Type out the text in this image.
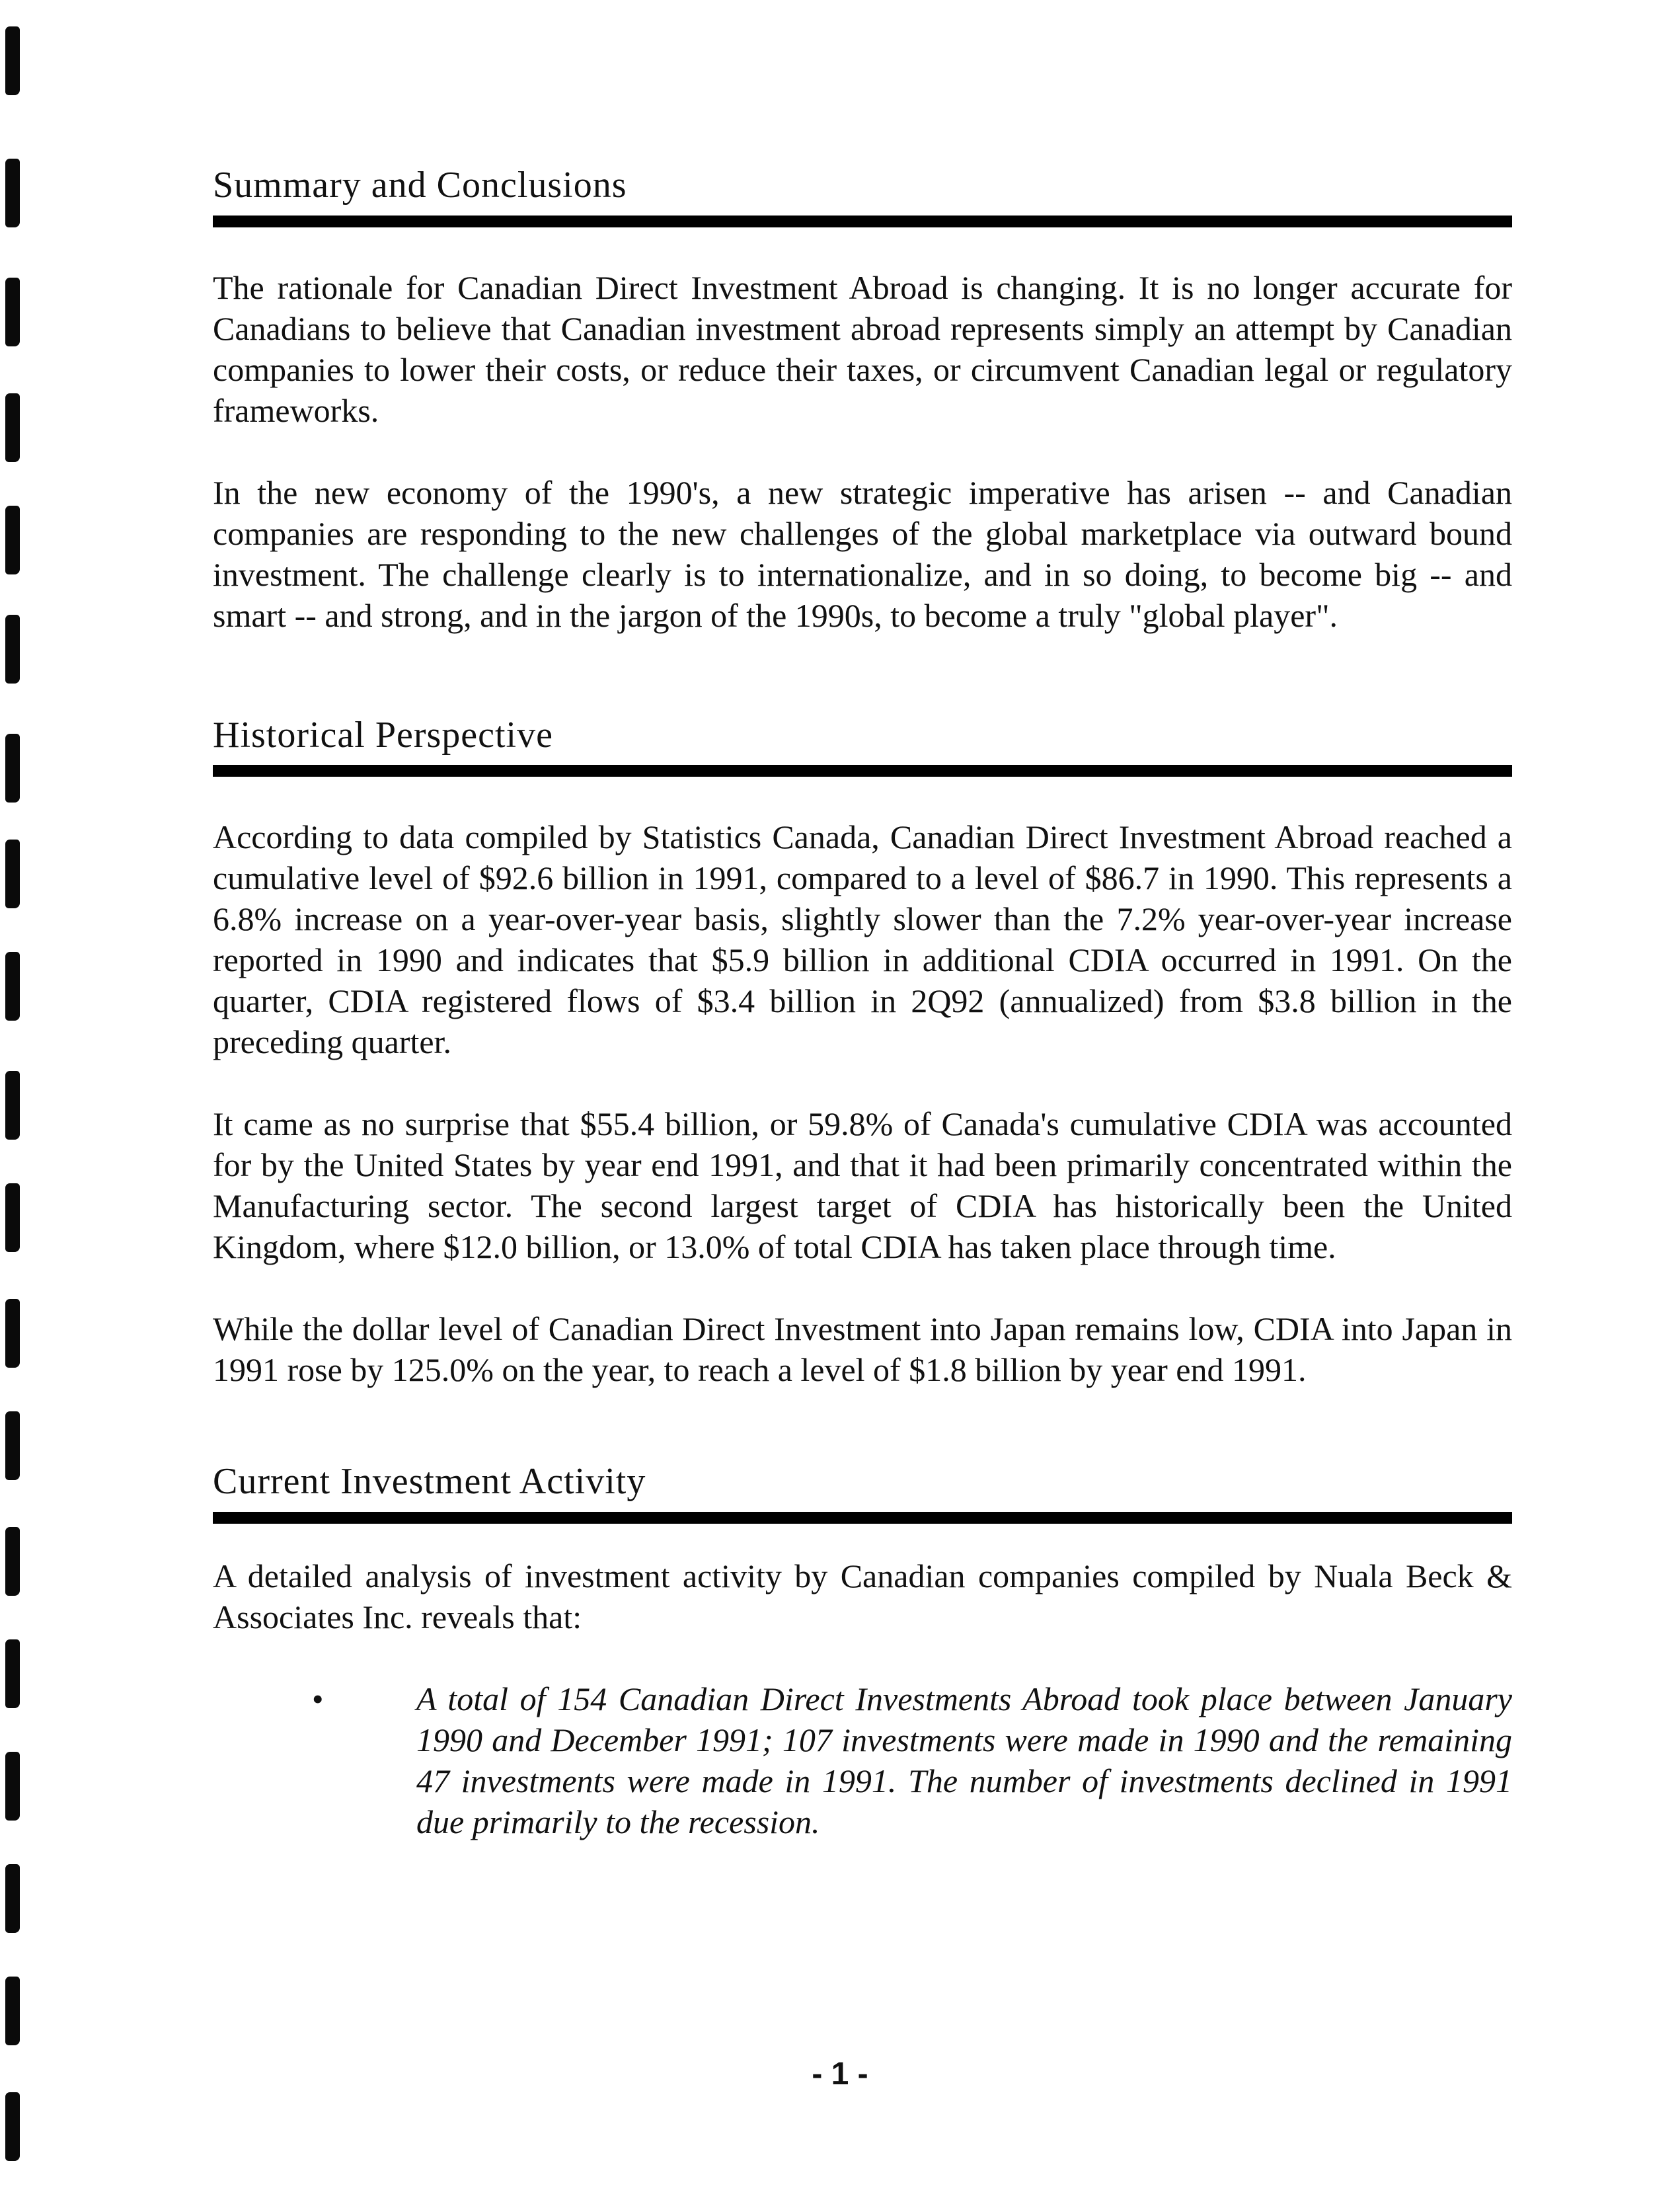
Summary and Conclusions

The rationale for Canadian Direct Investment Abroad is changing. It is no longer accurate for Canadians to believe that Canadian investment abroad represents simply an attempt by Canadian companies to lower their costs, or reduce their taxes, or circumvent Canadian legal or regulatory frameworks.

In the new economy of the 1990's, a new strategic imperative has arisen -- and Canadian companies are responding to the new challenges of the global marketplace via outward bound investment. The challenge clearly is to internationalize, and in so doing, to become big -- and smart -- and strong, and in the jargon of the 1990s, to become a truly "global player".

Historical Perspective

According to data compiled by Statistics Canada, Canadian Direct Investment Abroad reached a cumulative level of $92.6 billion in 1991, compared to a level of $86.7 in 1990. This represents a 6.8% increase on a year-over-year basis, slightly slower than the 7.2% year-over-year increase reported in 1990 and indicates that $5.9 billion in additional CDIA occurred in 1991. On the quarter, CDIA registered flows of $3.4 billion in 2Q92 (annualized) from $3.8 billion in the preceding quarter.

It came as no surprise that $55.4 billion, or 59.8% of Canada's cumulative CDIA was accounted for by the United States by year end 1991, and that it had been primarily concentrated within the Manufacturing sector. The second largest target of CDIA has historically been the United Kingdom, where $12.0 billion, or 13.0% of total CDIA has taken place through time.

While the dollar level of Canadian Direct Investment into Japan remains low, CDIA into Japan in 1991 rose by 125.0% on the year, to reach a level of $1.8 billion by year end 1991.

Current Investment Activity

A detailed analysis of investment activity by Canadian companies compiled by Nuala Beck & Associates Inc. reveals that:

•	A total of 154 Canadian Direct Investments Abroad took place between January 1990 and December 1991; 107 investments were made in 1990 and the remaining 47 investments were made in 1991. The number of investments declined in 1991 due primarily to the recession.

- 1 -
